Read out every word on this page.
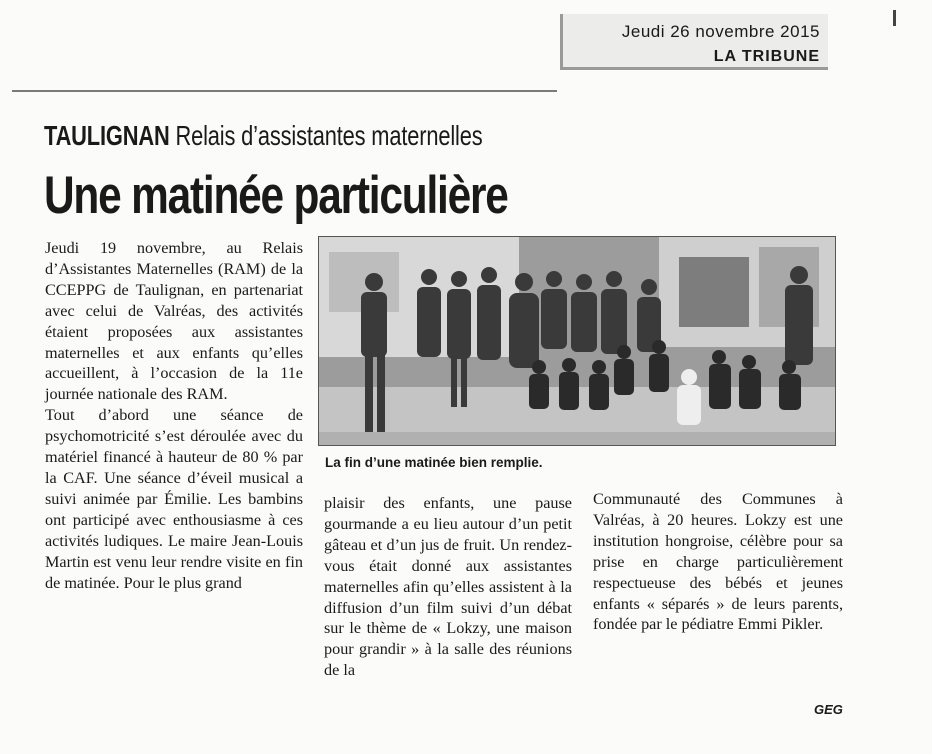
Jeudi 26 novembre 2015
LA TRIBUNE
TAULIGNAN Relais d’assistantes maternelles
Une matinée particulière

Jeudi 19 novembre, au Relais d’Assistantes Maternelles (RAM) de la CCEPPG de Taulignan, en partenariat avec celui de Valréas, des activités étaient proposées aux assistantes maternelles et aux enfants qu’elles accueillent, à l’occasion de la 11e journée nationale des RAM.

Tout d’abord une séance de psychomotricité s’est déroulée avec du matériel financé à hauteur de 80 % par la CAF. Une séance d’éveil musical a suivi animée par Émilie. Les bambins ont participé avec enthousiasme à ces activités ludiques. Le maire Jean-Louis Martin est venu leur rendre visite en fin de matinée. Pour le plus grand

La fin d’une matinée bien remplie.

plaisir des enfants, une pause gourmande a eu lieu autour d’un petit gâteau et d’un jus de fruit. Un rendez-vous était donné aux assistantes maternelles afin qu’elles assistent à la diffusion d’un film suivi d’un débat sur le thème de « Lokzy, une maison pour grandir » à la salle des réunions de la

Communauté des Communes à Valréas, à 20 heures. Lokzy est une institution hongroise, célèbre pour sa prise en charge particulièrement respectueuse des bébés et jeunes enfants « séparés » de leurs parents, fondée par le pédiatre Emmi Pikler.

GEG
